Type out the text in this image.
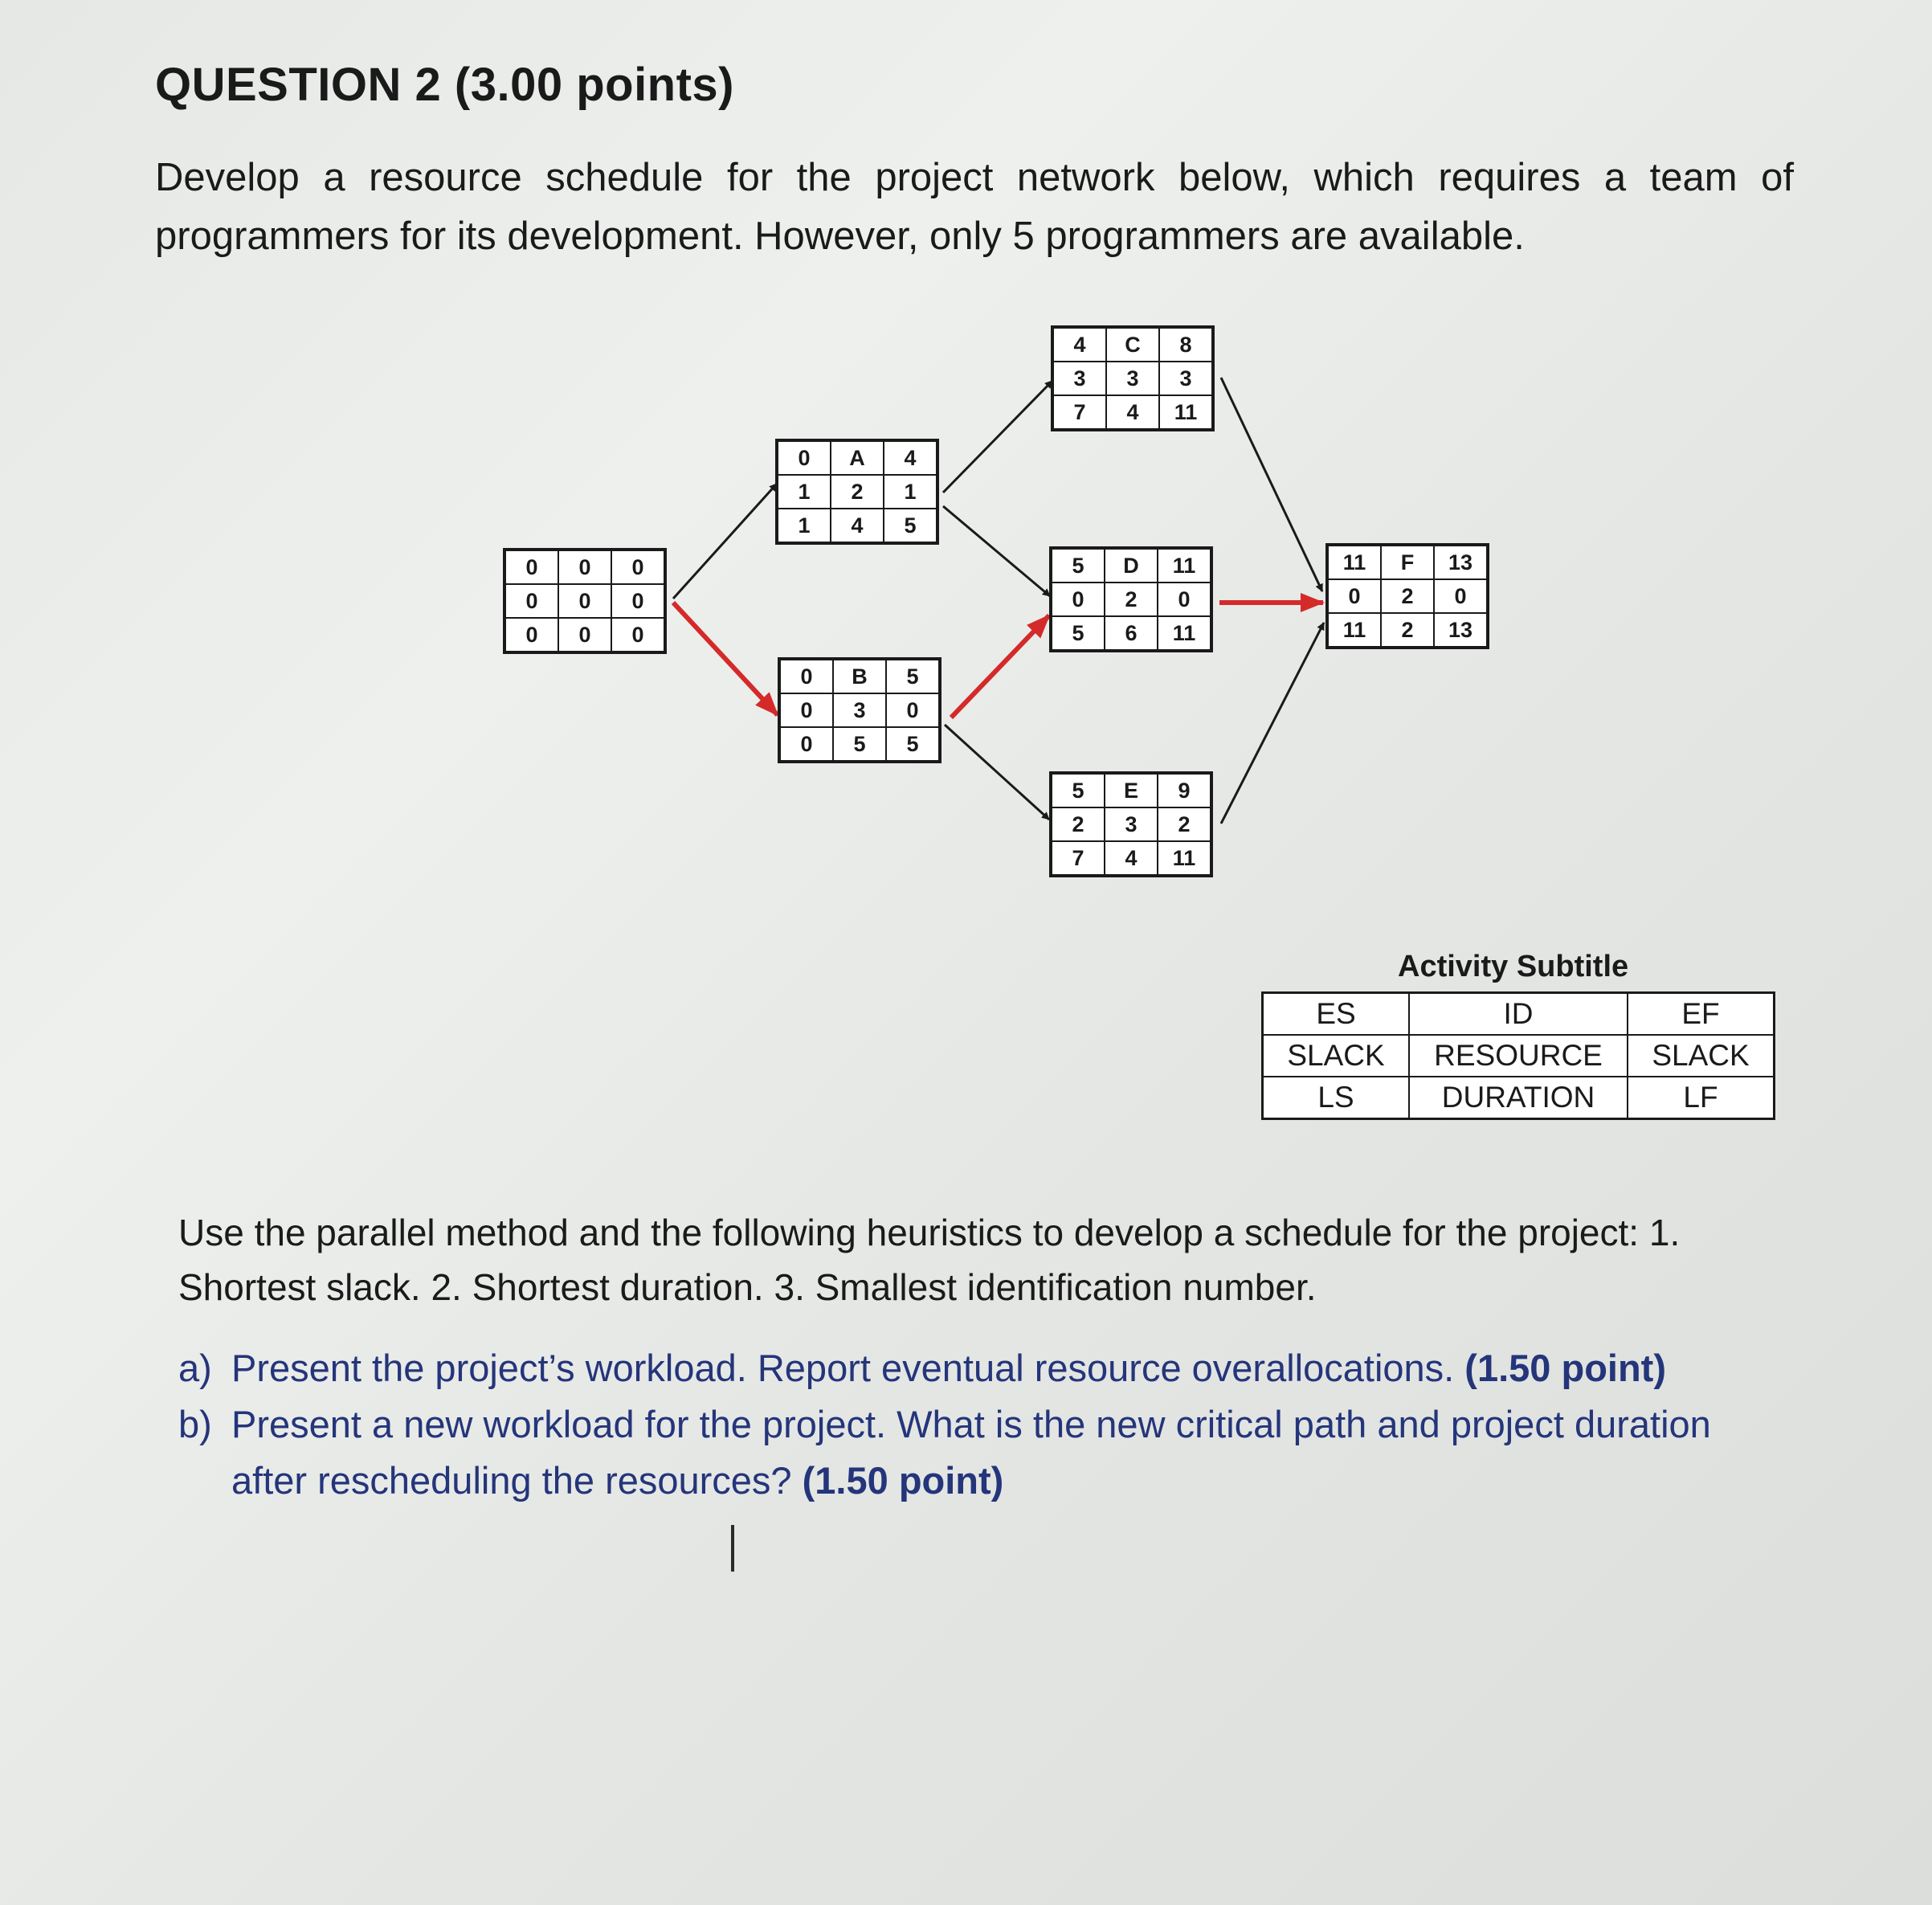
QUESTION 2 (3.00 points)
Develop a resource schedule for the project network below, which requires a team of programmers for its development. However, only 5 programmers are available.
0	0	0
0	0	0
0	0	0
0	A	4
1	2	1
1	4	5
0	B	5
0	3	0
0	5	5
4	C	8
3	3	3
7	4	11
5	D	11
0	2	0
5	6	11
5	E	9
2	3	2
7	4	11
11	F	13
0	2	0
11	2	13
Activity Subtitle
ES	ID	EF
SLACK	RESOURCE	SLACK
LS	DURATION	LF
Use the parallel method and the following heuristics to develop a schedule for the project: 1. Shortest slack. 2. Shortest duration. 3. Smallest identification number.
a) Present the project’s workload. Report eventual resource overallocations. (1.50 point)
b) Present a new workload for the project. What is the new critical path and project duration after rescheduling the resources? (1.50 point)
